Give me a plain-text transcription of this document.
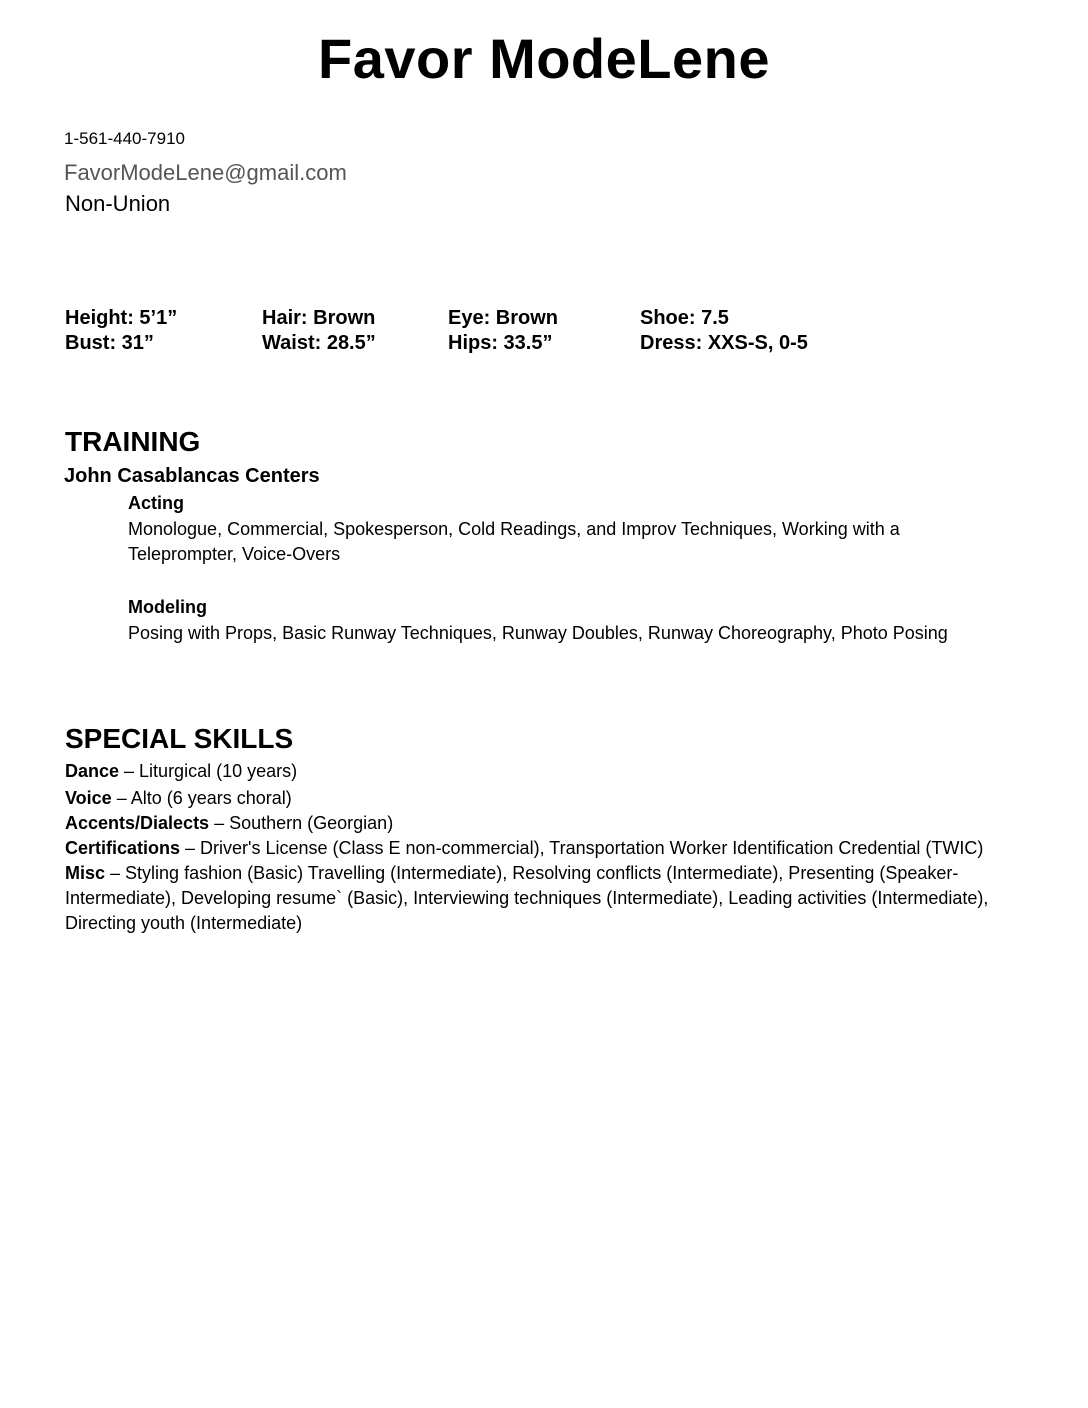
Favor ModeLene
1-561-440-7910
FavorModeLene@gmail.com
Non-Union
Height: 5’1”	Hair: Brown	Eye: Brown	Shoe: 7.5
Bust: 31”	Waist: 28.5”	Hips: 33.5”	Dress: XXS-S, 0-5
TRAINING
John Casablancas Centers
Acting
Monologue, Commercial, Spokesperson, Cold Readings, and Improv Techniques, Working with a Teleprompter, Voice-Overs
Modeling
Posing with Props, Basic Runway Techniques, Runway Doubles, Runway Choreography, Photo Posing
SPECIAL SKILLS

Dance – Liturgical (10 years)

Voice – Alto (6 years choral)

Accents/Dialects – Southern (Georgian)

Certifications – Driver's License (Class E non-commercial), Transportation Worker Identification Credential (TWIC)

Misc – Styling fashion (Basic) Travelling (Intermediate), Resolving conflicts (Intermediate), Presenting (Speaker- Intermediate), Developing resume` (Basic), Interviewing techniques (Intermediate), Leading activities (Intermediate), Directing youth (Intermediate)
